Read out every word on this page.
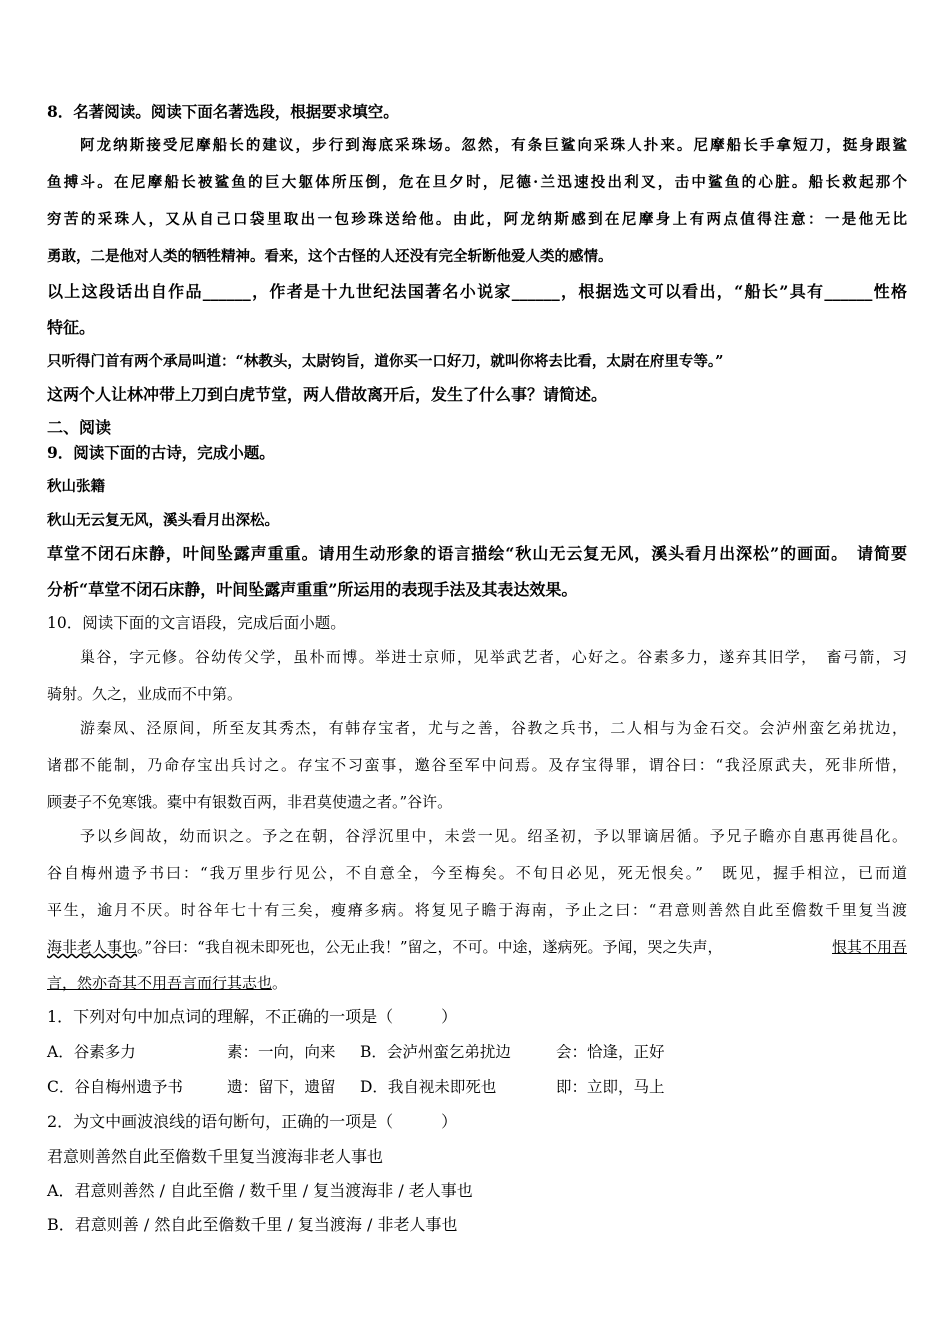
8．名著阅读。阅读下面名著选段，根据要求填空。
阿龙纳斯接受尼摩船长的建议，步行到海底采珠场。忽然，有条巨鲨向采珠人扑来。尼摩船长手拿短刀，挺身跟鲨
鱼搏斗。在尼摩船长被鲨鱼的巨大躯体所压倒，危在旦夕时，尼德·兰迅速投出利叉，击中鲨鱼的心脏。船长救起那个
穷苦的采珠人，又从自己口袋里取出一包珍珠送给他。由此，阿龙纳斯感到在尼摩身上有两点值得注意：一是他无比
勇敢，二是他对人类的牺牲精神。看来，这个古怪的人还没有完全斩断他爱人类的感情。
以上这段话出自作品______，作者是十九世纪法国著名小说家______，根据选文可以看出，“船长”具有______性格
特征。
只听得门首有两个承局叫道：“林教头，太尉钧旨，道你买一口好刀，就叫你将去比看，太尉在府里专等。”
这两个人让林冲带上刀到白虎节堂，两人借故离开后，发生了什么事？请简述。
二、阅读
9．阅读下面的古诗，完成小题。
秋山张籍
秋山无云复无风，溪头看月出深松。
草堂不闭石床静，叶间坠露声重重。请用生动形象的语言描绘“秋山无云复无风，溪头看月出深松”的画面。　请简要
分析“草堂不闭石床静，叶间坠露声重重”所运用的表现手法及其表达效果。
10．阅读下面的文言语段，完成后面小题。
巢谷，字元修。谷幼传父学，虽朴而博。举进士京师，见举武艺者，心好之。谷素多力，遂弃其旧学，　畜弓箭，习
骑射。久之，业成而不中第。
游秦凤、泾原间，所至友其秀杰，有韩存宝者，尤与之善，谷教之兵书，二人相与为金石交。会泸州蛮乞弟扰边，
诸郡不能制，乃命存宝出兵讨之。存宝不习蛮事，邀谷至军中问焉。及存宝得罪，谓谷曰：“我泾原武夫，死非所惜，
顾妻子不免寒饿。橐中有银数百两，非君莫使遗之者。”谷许。
予以乡闾故，幼而识之。予之在朝，谷浮沉里中，未尝一见。绍圣初，予以罪谪居循。予兄子瞻亦自惠再徙昌化。
谷自梅州遗予书曰：“我万里步行见公，不自意全，今至梅矣。不旬日必见，死无恨矣。”　既见，握手相泣，已而道
平生，逾月不厌。时谷年七十有三矣，瘦瘠多病。将复见子瞻于海南，予止之曰：“君意则善然自此至儋数千里复当渡
海非老人事也 。”谷曰：“我自视未即死也，公无止我！”留之，不可。中途，遂病死。予闻，哭之失声，	恨其不用吾
言，然亦奇其不用吾言而行其志也。
1．下列对句中加点词的理解，不正确的一项是（　　　）
A．谷素多力	素：一向，向来 B．会泸州蛮乞弟扰边	会：恰逢，正好
C．谷自梅州遗予书	遗：留下，遗留 D．我自视未即死也	即：立即，马上
2．为文中画波浪线的语句断句，正确的一项是（　　　）
君意则善然自此至儋数千里复当渡海非老人事也
A．君意则善然 / 自此至儋 / 数千里 / 复当渡海非 / 老人事也
B．君意则善 / 然自此至儋数千里 / 复当渡海 / 非老人事也
